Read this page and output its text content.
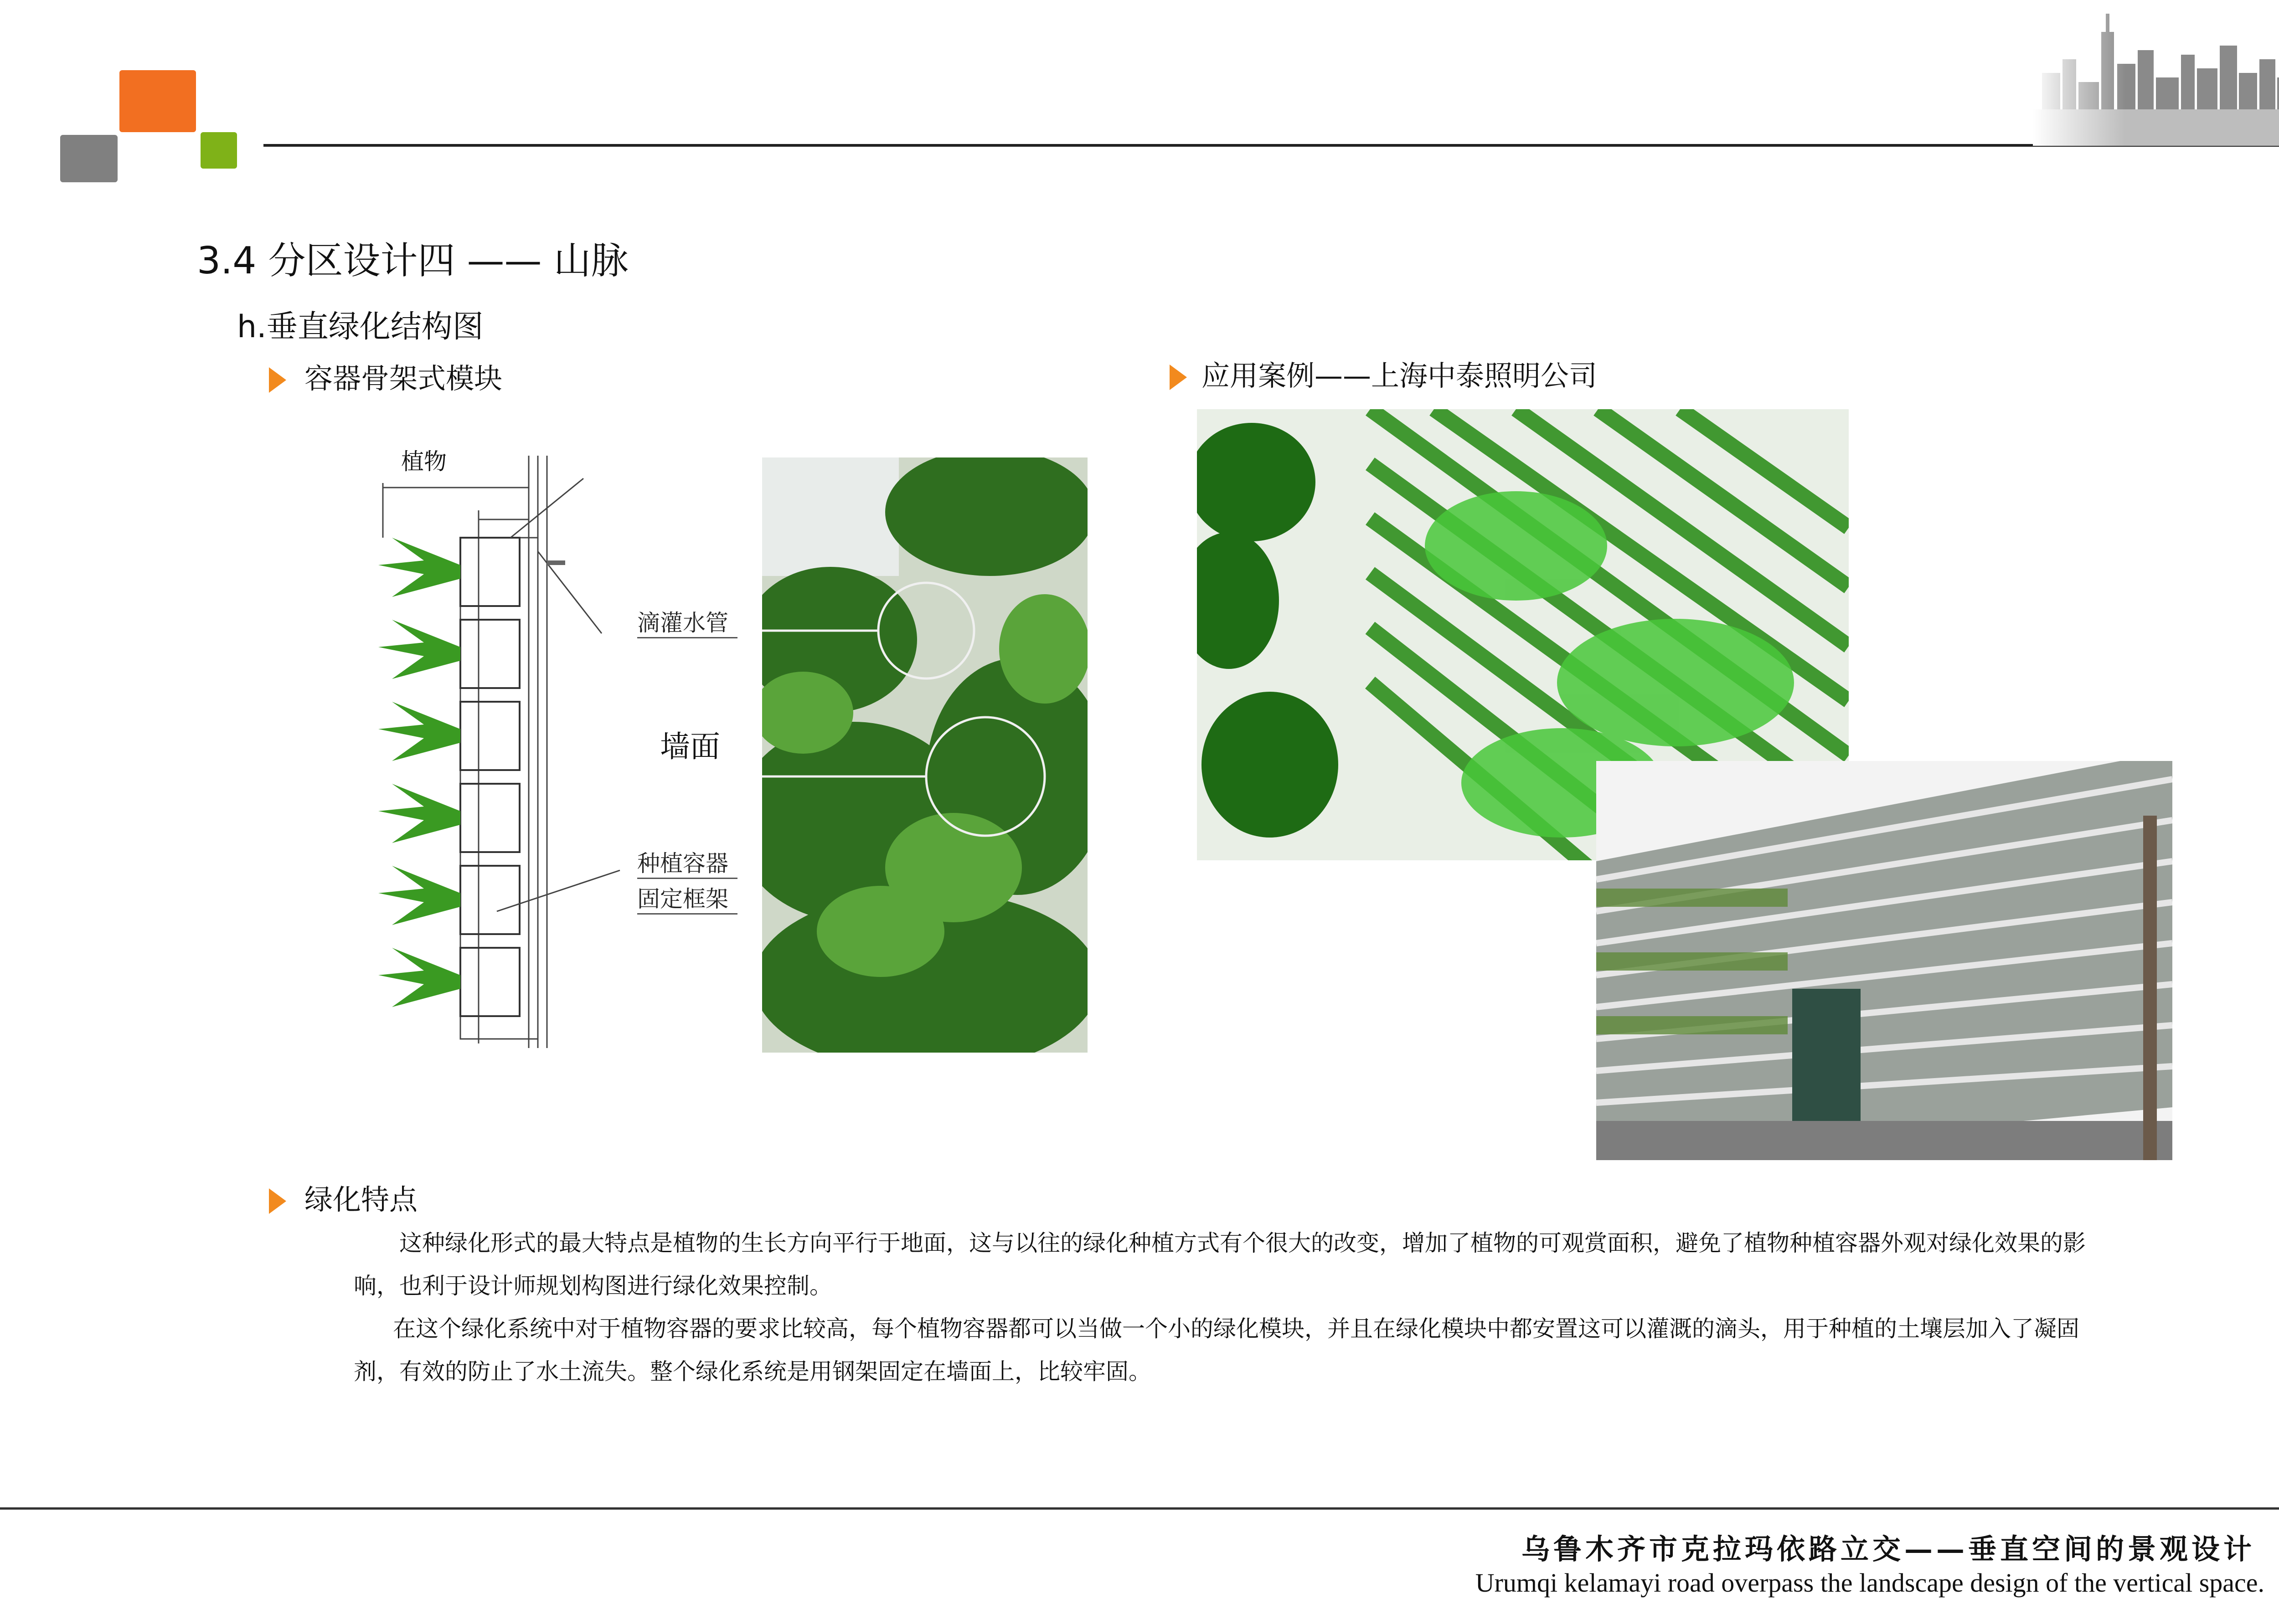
3.4 分区设计四 —— 山脉
h.垂直绿化结构图
容器骨架式模块	应用案例——上海中泰照明公司
植物
滴灌水管
墙面
种植容器
固定框架
绿化特点
这种绿化形式的最大特点是植物的生长方向平行于地面，这与以往的绿化种植方式有个很大的改变，增加了植物的可观赏面积，避免了植物种植容器外观对绿化效果的影
响，也利于设计师规划构图进行绿化效果控制。
在这个绿化系统中对于植物容器的要求比较高，每个植物容器都可以当做一个小的绿化模块，并且在绿化模块中都安置这可以灌溉的滴头，用于种植的土壤层加入了凝固
剂，有效的防止了水土流失。整个绿化系统是用钢架固定在墙面上，比较牢固。
乌鲁木齐市克拉玛依路立交——垂直空间的景观设计
Urumqi kelamayi road overpass the landscape design of the vertical space.
